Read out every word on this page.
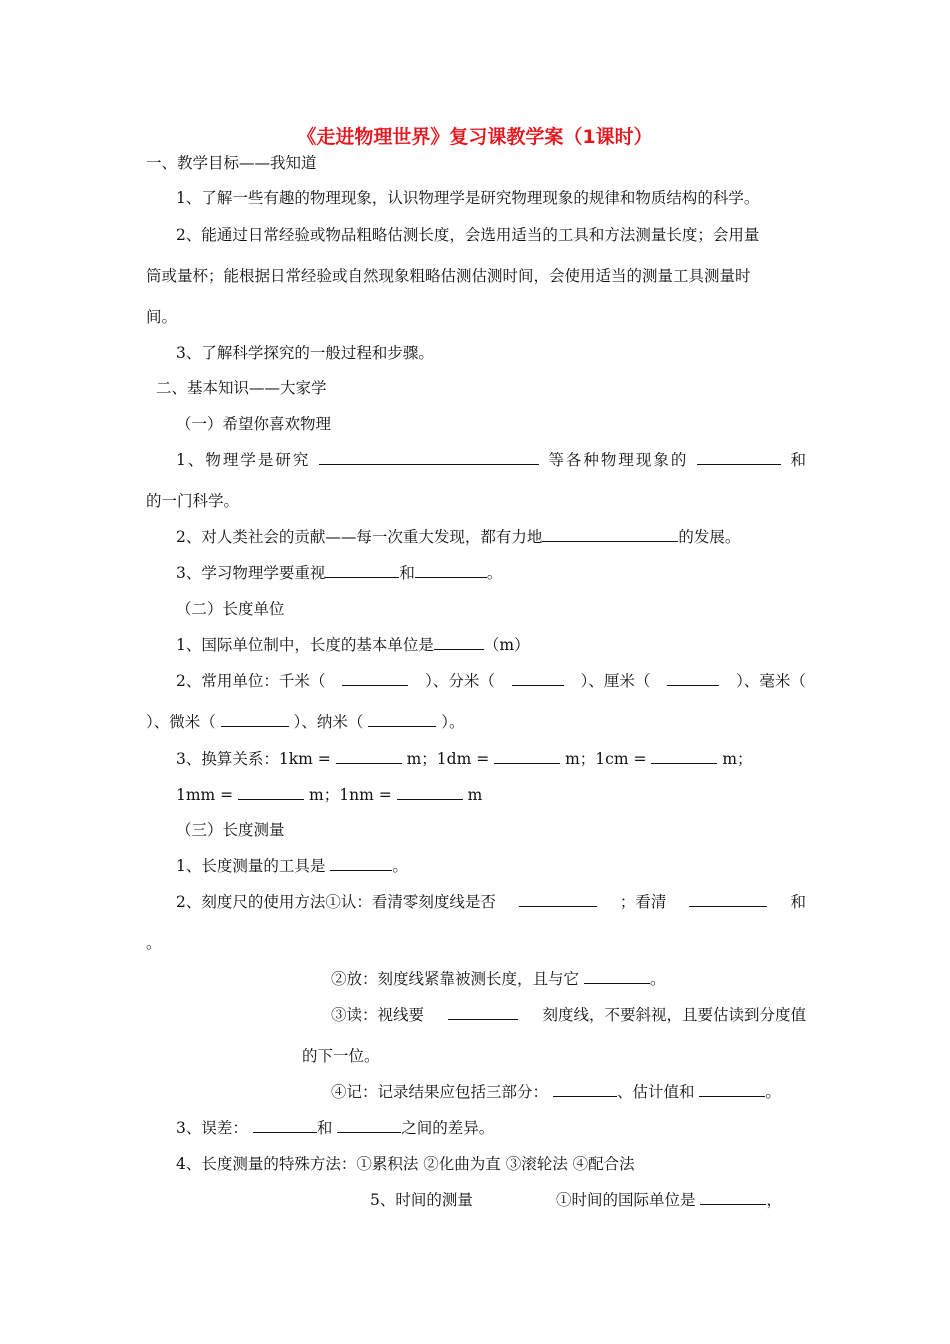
《走进物理世界》复习课教学案（1课时）
一、教学目标——我知道
1、了解一些有趣的物理现象，认识物理学是研究物理现象的规律和物质结构的科学。
2、能通过日常经验或物品粗略估测长度，会选用适当的工具和方法测量长度；会用量
筒或量杯；能根据日常经验或自然现象粗略估测估测时间，会使用适当的测量工具测量时
间。
3、了解科学探究的一般过程和步骤。
二、基本知识——大家学
（一）希望你喜欢物理
1、物理学是研究	等各种物理现象的	和
的一门科学。
2、对人类社会的贡献——每一次重大发现，都有力地	的发展。
3、学习物理学要重视	和	。
（二）长度单位
1、国际单位制中，长度的基本单位是	（m）
2、常用单位：千米（	）、分米（	）、厘米（	）、毫米（
）、微米（	）、纳米（	）。
3、换算关系：1km =	m；1dm =	m；1cm =	m；
1mm =	m；1nm =	m
（三）长度测量
1、长度测量的工具是	。
2、刻度尺的使用方法①认：看清零刻度线是否	；看清	和
。
②放：刻度线紧靠被测长度，且与它	。
③读：视线要	刻度线，不要斜视，且要估读到分度值
的下一位。
④记：记录结果应包括三部分：	、估计值和	。
3、误差：	和	之间的差异。
4、长度测量的特殊方法：①累积法 ②化曲为直 ③滚轮法 ④配合法
5、时间的测量	①时间的国际单位是	，
